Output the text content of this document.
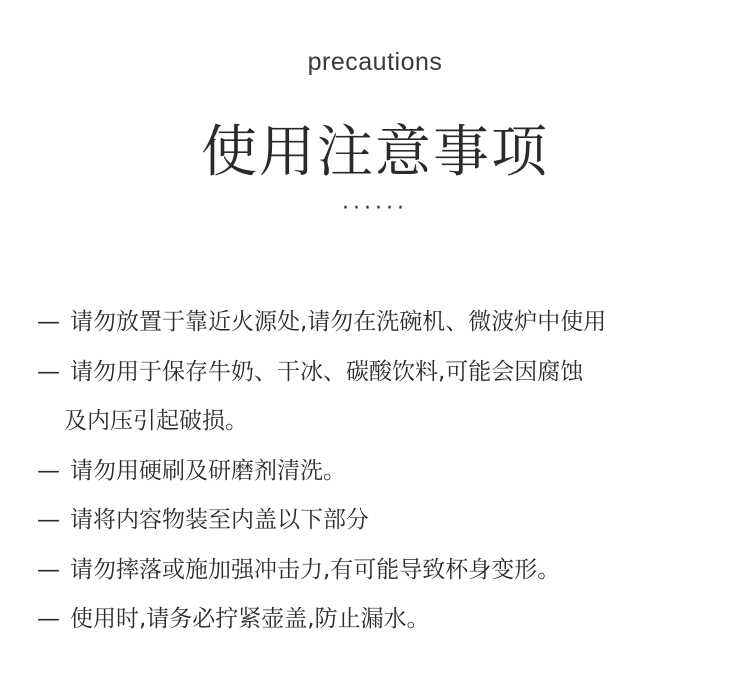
precautions
使用注意事项
······
— 请勿放置于靠近火源处,请勿在洗碗机、微波炉中使用
— 请勿用于保存牛奶、干冰、碳酸饮料,可能会因腐蚀
及内压引起破损。
— 请勿用硬刷及研磨剂清洗。
— 请将内容物装至内盖以下部分
— 请勿摔落或施加强冲击力,有可能导致杯身变形。
— 使用时,请务必拧紧壶盖,防止漏水。
